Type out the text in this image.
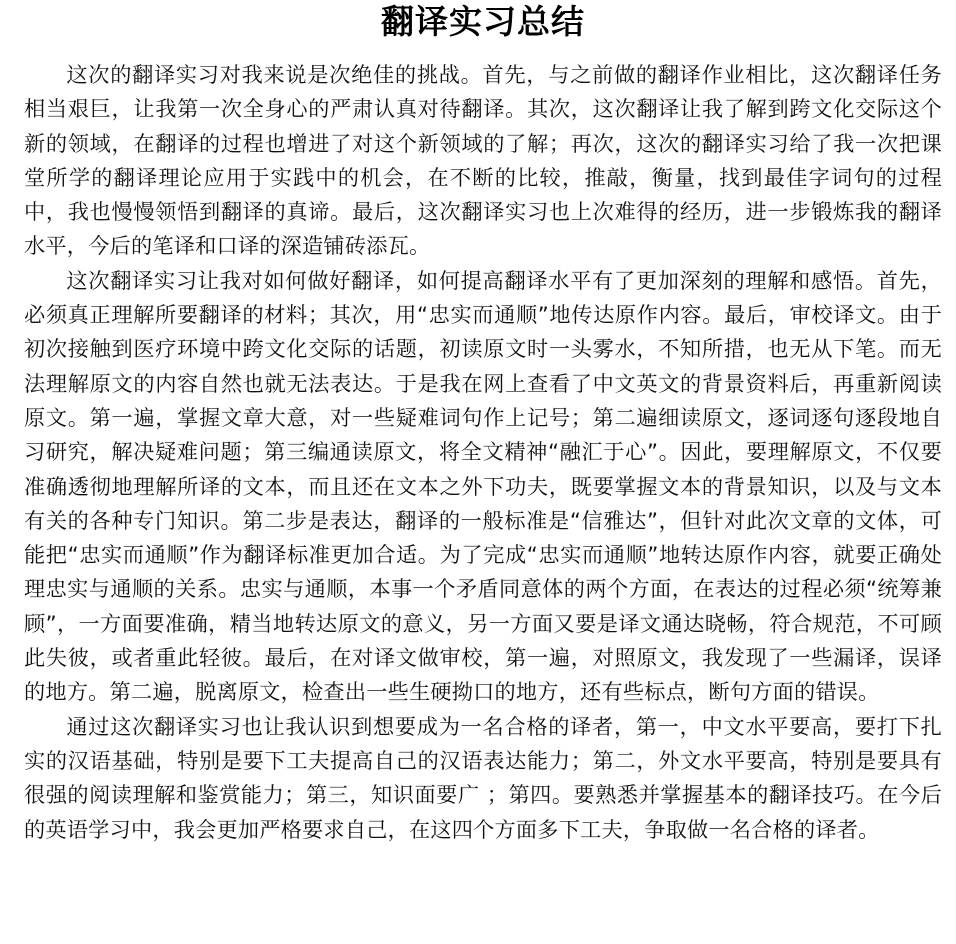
翻译实习总结

这次的翻译实习对我来说是次绝佳的挑战。首先，与之前做的翻译作业相比，这次翻译任务相当艰巨，让我第一次全身心的严肃认真对待翻译。其次，这次翻译让我了解到跨文化交际这个新的领域，在翻译的过程也增进了对这个新领域的了解；再次，这次的翻译实习给了我一次把课堂所学的翻译理论应用于实践中的机会，在不断的比较，推敲，衡量，找到最佳字词句的过程中，我也慢慢领悟到翻译的真谛。最后，这次翻译实习也上次难得的经历，进一步锻炼我的翻译水平，今后的笔译和口译的深造铺砖添瓦。

这次翻译实习让我对如何做好翻译，如何提高翻译水平有了更加深刻的理解和感悟。首先，必须真正理解所要翻译的材料；其次，用“忠实而通顺”地传达原作内容。最后，审校译文。由于初次接触到医疗环境中跨文化交际的话题，初读原文时一头雾水，不知所措，也无从下笔。而无法理解原文的内容自然也就无法表达。于是我在网上查看了中文英文的背景资料后，再重新阅读原文。第一遍，掌握文章大意，对一些疑难词句作上记号；第二遍细读原文，逐词逐句逐段地自习研究，解决疑难问题；第三编通读原文，将全文精神“融汇于心”。因此，要理解原文，不仅要准确透彻地理解所译的文本，而且还在文本之外下功夫，既要掌握文本的背景知识，以及与文本有关的各种专门知识。第二步是表达，翻译的一般标准是“信雅达”，但针对此次文章的文体，可能把“忠实而通顺”作为翻译标准更加合适。为了完成“忠实而通顺”地转达原作内容，就要正确处理忠实与通顺的关系。忠实与通顺，本事一个矛盾同意体的两个方面，在表达的过程必须“统筹兼顾”，一方面要准确，精当地转达原文的意义，另一方面又要是译文通达晓畅，符合规范，不可顾此失彼，或者重此轻彼。最后，在对译文做审校，第一遍，对照原文，我发现了一些漏译，误译的地方。第二遍，脱离原文，检查出一些生硬拗口的地方，还有些标点，断句方面的错误。

通过这次翻译实习也让我认识到想要成为一名合格的译者，第一，中文水平要高，要打下扎实的汉语基础，特别是要下工夫提高自己的汉语表达能力；第二，外文水平要高，特别是要具有很强的阅读理解和鉴赏能力；第三，知识面要广 ；第四。要熟悉并掌握基本的翻译技巧。在今后的英语学习中，我会更加严格要求自己，在这四个方面多下工夫，争取做一名合格的译者。
